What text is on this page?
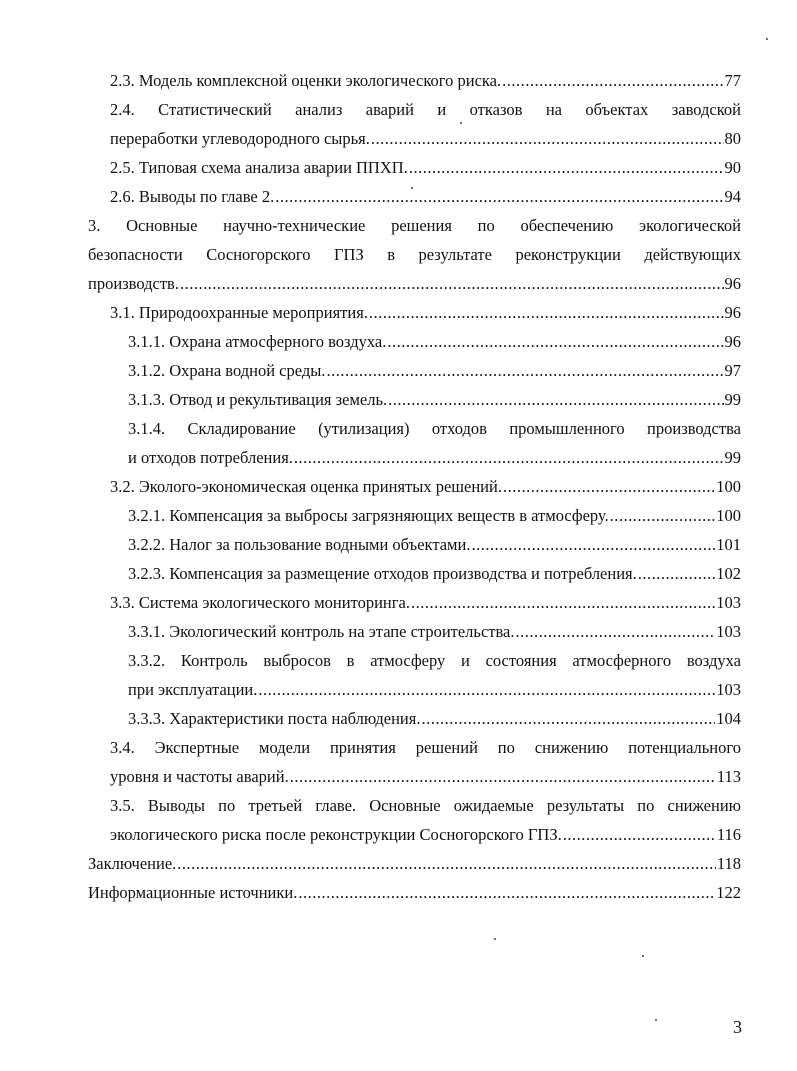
2.3. Модель комплексной оценки экологического риска. .....	77
2.4. Статистический анализ аварий и отказов на объектах заводской
переработки углеводородного сырья. .....	80
2.5. Типовая схема анализа аварии ППХП. .....	90
2.6. Выводы по главе 2. .....	94
3. Основные научно-технические решения по обеспечению экологической
безопасности Сосногорского ГПЗ в результате реконструкции действующих
производств. .....	96
3.1. Природоохранные мероприятия. .....	96
3.1.1. Охрана атмосферного воздуха. .....	96
3.1.2. Охрана водной среды. .....	97
3.1.3. Отвод и рекультивация земель. .....	99
3.1.4. Складирование (утилизация) отходов промышленного производства
и отходов потребления. .....	99
3.2. Эколого-экономическая оценка принятых решений. .....	100
3.2.1. Компенсация за выбросы загрязняющих веществ в атмосферу. .....	100
3.2.2. Налог за пользование водными объектами. .....	101
3.2.3. Компенсация за размещение отходов производства и потребления. .....	102
3.3. Система экологического мониторинга. .....	103
3.3.1. Экологический контроль на этапе строительства. .....	103
3.3.2. Контроль выбросов в атмосферу и состояния атмосферного воздуха
при эксплуатации. .....	103
3.3.3. Характеристики поста наблюдения. .....	104
3.4. Экспертные модели принятия решений по снижению потенциального
уровня и частоты аварий. .....	113
3.5. Выводы по третьей главе. Основные ожидаемые результаты по снижению
экологического риска после реконструкции Сосногорского ГПЗ. .....	116
Заключение. .....	118
Информационные источники. .....	122
3
